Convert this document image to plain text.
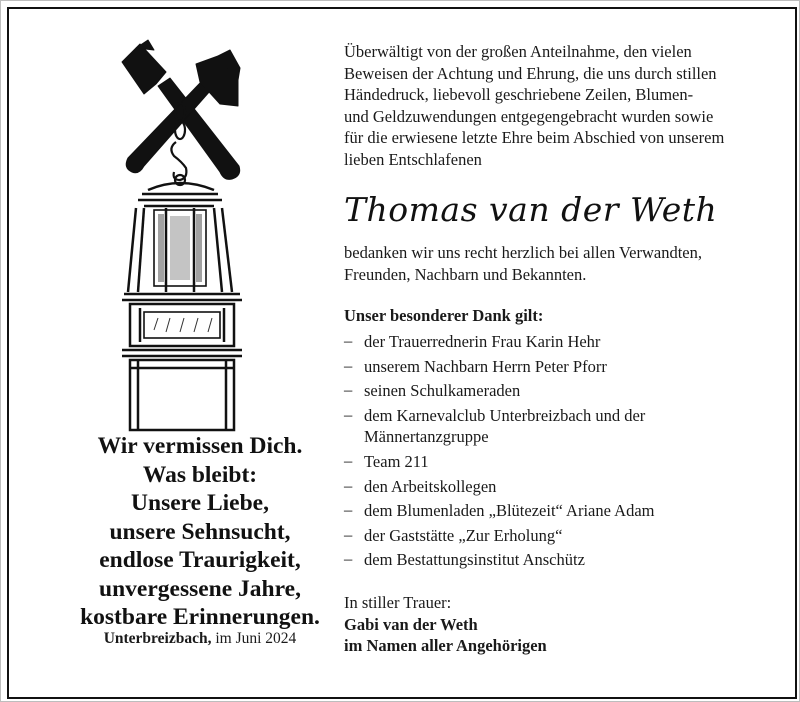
Wir vermissen Dich.
Was bleibt:
Unsere Liebe,
unsere Sehnsucht,
endlose Traurigkeit,
unvergessene Jahre,
kostbare Erinnerungen.
Unterbreizbach, im Juni 2024
Überwältigt von der großen Anteilnahme, den vielen
Beweisen der Achtung und Ehrung, die uns durch stillen
Händedruck, liebevoll geschriebene Zeilen, Blumen-
und Geldzuwendungen entgegengebracht wurden sowie
für die erwiesene letzte Ehre beim Abschied von unserem
lieben Entschlafenen
Thomas van der Weth
bedanken wir uns recht herzlich bei allen Verwandten,
Freunden, Nachbarn und Bekannten.
Unser besonderer Dank gilt:
– der Trauerrednerin Frau Karin Hehr
– unserem Nachbarn Herrn Peter Pforr
– seinen Schulkameraden
– dem Karnevalclub Unterbreizbach und der
Männertanzgruppe
– Team 211
– den Arbeitskollegen
– dem Blumenladen „Blütezeit“ Ariane Adam
– der Gaststätte „Zur Erholung“
– dem Bestattungsinstitut Anschütz
In stiller Trauer:
Gabi van der Weth
im Namen aller Angehörigen
